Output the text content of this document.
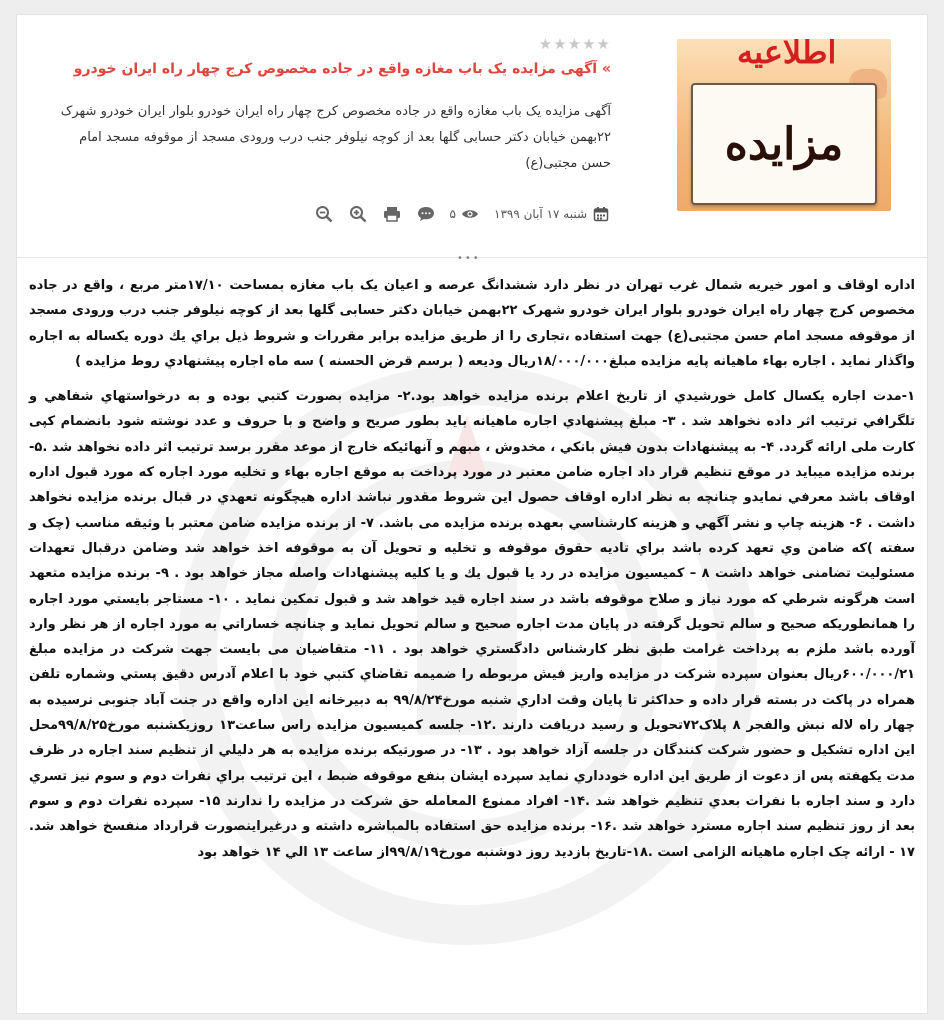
اطلاعیه
مزایده
★★★★★
» آگهی مزایده یک باب مغازه واقع در جاده مخصوص کرج چهار راه ایران خودرو
آگهی مزایده یک باب مغازه واقع در جاده مخصوص کرج چهار راه ایران خودرو بلوار ایران خودرو شهرک ۲۲بهمن خیابان دکتر حسابی گلها بعد از کوچه نیلوفر جنب درب ورودی مسجد از موقوفه مسجد امام حسن مجتبی(ع)
شنبه ۱۷ آبان ۱۳۹۹
۵
•••

اداره اوقاف و امور خیریه شمال غرب تهران در نظر دارد ششدانگ عرصه و اعیان یک باب مغازه بمساحت ۱۷/۱۰متر مربع ، واقع در جاده مخصوص کرج چهار راه ایران خودرو بلوار ایران خودرو شهرک ۲۲بهمن خیابان دکتر حسابی گلها بعد از کوچه نیلوفر جنب درب ورودی مسجد از موقوفه مسجد امام حسن مجتبی(ع) جهت استفاده ،تجاری را از طريق مزايده برابر مقررات و شروط ذيل براي يك دوره يكساله به اجاره واگذار نمايد . اجاره بهاء ماهيانه پايه مزايده مبلغ۱۸/۰۰۰/۰۰۰ريال وديعه ( برسم قرض الحسنه ) سه ماه اجاره پيشنهادي روط مزایده )

۱-مدت اجاره يكسال كامل خورشيدي از تاريخ اعلام برنده مزايده خواهد بود.۲- مزايده بصورت كتبي بوده و به درخواستهاي شفاهي و تلگرافي ترتيب اثر داده نخواهد شد . ۳- مبلغ پيشنهادي اجاره ماهيانه بايد بطور صريح و واضح و با حروف و عدد نوشته شود بانضمام كپی كارت ملی ارائه گردد. ۴- به پيشنهادات بدون فيش بانكي ، مخدوش ، مبهم و آنهائيكه خارج از موعد مقرر برسد ترتيب اثر داده نخواهد شد .۵- برنده مزايده ميبايد در موقع تنظيم قرار داد اجاره ضامن معتبر در مورد پرداخت به موقع اجاره بهاء و تخليه مورد اجاره كه مورد قبول اداره اوقاف باشد معرفي نمايدو چنانچه به نظر اداره اوقاف حصول اين شروط مقدور نباشد اداره هيچگونه تعهدي در قبال برنده مزايده نخواهد داشت . ۶- هزينه چاپ و نشر آگهي و هزينه كارشناسي بعهده برنده مزايده می باشد. ۷- از برنده مزايده ضامن معتبر با وثيقه مناسب (چک و سفته )كه ضامن وي تعهد كرده باشد براي تاديه حقوق موقوفه و تخليه و تحويل آن به موقوفه اخذ خواهد شد وضامن درقبال تعهدات مسئوليت تضامنی خواهد داشت ۸ – كميسيون مزايده در رد يا قبول يك و يا كليه پيشنهادات واصله مجاز خواهد بود . ۹- برنده مزايده متعهد است هرگونه شرطي كه مورد نياز و صلاح موقوفه باشد در سند اجاره قيد خواهد شد و قبول تمكين نمايد . ۱۰- مستاجر بايستي مورد اجاره را همانطوريكه صحيح و سالم تحويل گرفته در پايان مدت اجاره صحيح و سالم تحويل نمايد و چنانچه خساراتي به مورد اجاره از هر نظر وارد آورده باشد ملزم به پرداخت غرامت طبق نظر كارشناس دادگستري خواهد بود . ۱۱- متقاضيان می بايست جهت شركت در مزايده مبلغ ۶۰۰/۰۰۰/۲۱ريال بعنوان سپرده شركت در مزايده واريز فيش مربوطه را ضميمه تقاضاي كتبي خود با اعلام آدرس دقيق پستي وشماره تلفن همراه در پاكت در بسته قرار داده و حداكثر تا پايان وقت اداري شنبه مورخ۹۹/۸/۲۴ به دبيرخانه اين اداره واقع در جنت آباد جنوبی نرسيده به چهار راه لاله نبش والفجر ۸ پلاک۷۲تحويل و رسيد دريافت دارند .۱۲- جلسه كميسيون مزايده راس ساعت۱۳ روزيكشنبه مورخ۹۹/۸/۲۵محل اين اداره تشكيل و حضور شركت كنندگان در جلسه آزاد خواهد بود . ۱۳- در صورتيكه برنده مزايده به هر دليلي از تنظيم سند اجاره در ظرف مدت يكهفته پس از دعوت از طريق اين اداره خودداري نمايد سپرده ايشان بنفع موقوفه ضبط ، اين ترتيب براي نفرات دوم و سوم نيز تسري دارد و سند اجاره با نفرات بعدي تنظيم خواهد شد .۱۴- افراد ممنوع المعامله حق شركت در مزايده را ندارند ۱۵- سپرده نفرات دوم و سوم بعد از روز تنظيم سند اجاره مسترد خواهد شد .۱۶- برنده مزايده حق استفاده بالمباشره داشته و درغيراينصورت قرارداد منفسخ خواهد شد. ۱۷ - ارائه چک اجاره ماهیانه الزامی است .۱۸-تاريخ بازدید روز دوشنبه مورخ۹۹/۸/۱۹از ساعت ۱۳ الي ۱۴ خواهد بود
